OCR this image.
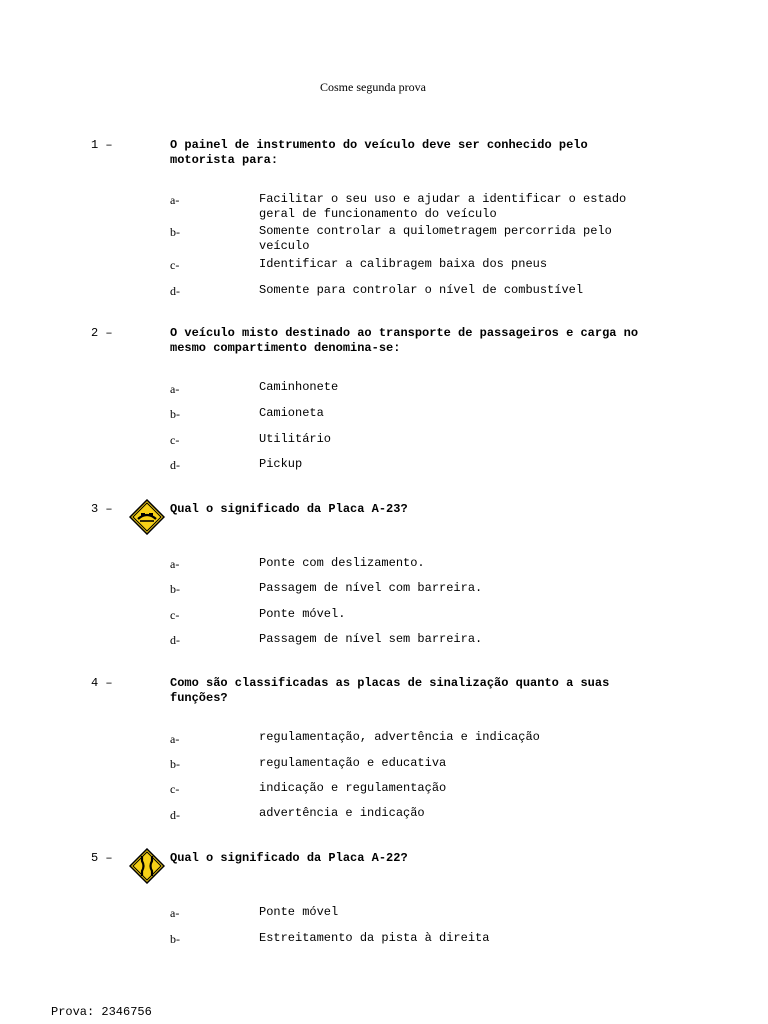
Cosme segunda prova
1 –	O painel de instrumento do veículo deve ser conhecido pelo motorista para:
a-	Facilitar o seu uso e ajudar a identificar o estado geral de funcionamento do veículo
b-	Somente controlar a quilometragem percorrida pelo veículo
c-	Identificar a calibragem baixa dos pneus
d-	Somente para controlar o nível de combustível
2 –	O veículo misto destinado ao transporte de passageiros e carga no mesmo compartimento denomina-se:
a-	Caminhonete
b-	Camioneta
c-	Utilitário
d-	Pickup
3 –	Qual o significado da Placa A-23?
a-	Ponte com deslizamento.
b-	Passagem de nível com barreira.
c-	Ponte móvel.
d-	Passagem de nível sem barreira.
4 –	Como são classificadas as placas de sinalização quanto a suas funções?
a-	regulamentação, advertência e indicação
b-	regulamentação e educativa
c-	indicação e regulamentação
d-	advertência e indicação
5 –	Qual o significado da Placa A-22?
a-	Ponte móvel
b-	Estreitamento da pista à direita
Prova: 2346756
